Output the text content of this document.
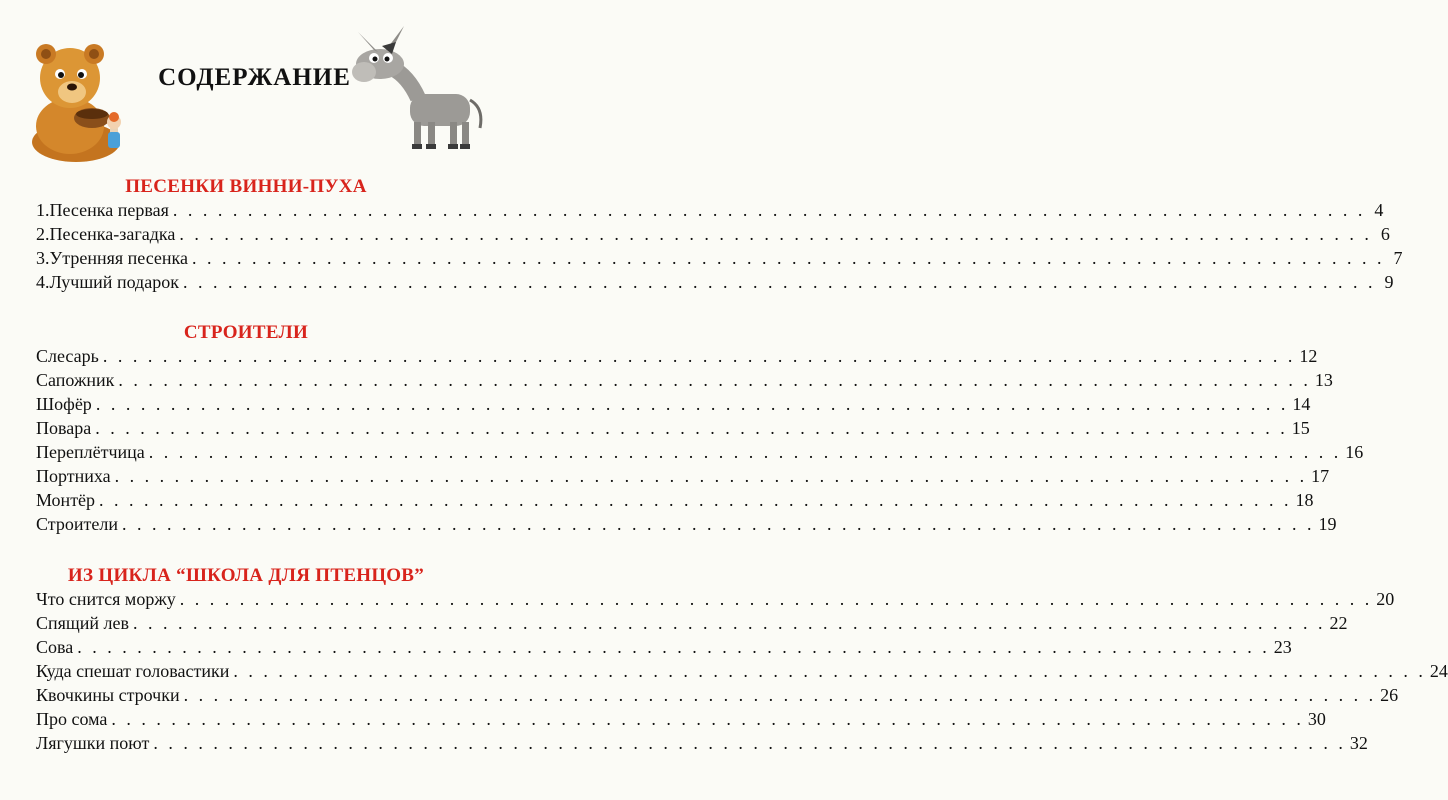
СОДЕРЖАНИЕ
ПЕСЕНКИ ВИННИ-ПУХА
1.Песенка первая . . . . . . . . . . . . . . . . . . . . . . . . . . . . . . . . . . . . . . . . . . . . . . . . . . . . . . . . . . . . . . . . . . . . . . . . . . . . . . . . 4
2.Песенка-загадка . . . . . . . . . . . . . . . . . . . . . . . . . . . . . . . . . . . . . . . . . . . . . . . . . . . . . . . . . . . . . . . . . . . . . . . . . . . . . . . . 6
3.Утренняя песенка . . . . . . . . . . . . . . . . . . . . . . . . . . . . . . . . . . . . . . . . . . . . . . . . . . . . . . . . . . . . . . . . . . . . . . . . . . . . . . . . 7
4.Лучший подарок . . . . . . . . . . . . . . . . . . . . . . . . . . . . . . . . . . . . . . . . . . . . . . . . . . . . . . . . . . . . . . . . . . . . . . . . . . . . . . . . 9
СТРОИТЕЛИ
Слесарь . . . . . . . . . . . . . . . . . . . . . . . . . . . . . . . . . . . . . . . . . . . . . . . . . . . . . . . . . . . . . . . . . . . . . . . . . . . . . . . . 12
Сапожник . . . . . . . . . . . . . . . . . . . . . . . . . . . . . . . . . . . . . . . . . . . . . . . . . . . . . . . . . . . . . . . . . . . . . . . . . . . . . . . . 13
Шофёр . . . . . . . . . . . . . . . . . . . . . . . . . . . . . . . . . . . . . . . . . . . . . . . . . . . . . . . . . . . . . . . . . . . . . . . . . . . . . . . . 14
Повара . . . . . . . . . . . . . . . . . . . . . . . . . . . . . . . . . . . . . . . . . . . . . . . . . . . . . . . . . . . . . . . . . . . . . . . . . . . . . . . . 15
Переплётчица . . . . . . . . . . . . . . . . . . . . . . . . . . . . . . . . . . . . . . . . . . . . . . . . . . . . . . . . . . . . . . . . . . . . . . . . . . . . . . . . 16
Портниха . . . . . . . . . . . . . . . . . . . . . . . . . . . . . . . . . . . . . . . . . . . . . . . . . . . . . . . . . . . . . . . . . . . . . . . . . . . . . . . . 17
Монтёр . . . . . . . . . . . . . . . . . . . . . . . . . . . . . . . . . . . . . . . . . . . . . . . . . . . . . . . . . . . . . . . . . . . . . . . . . . . . . . . . 18
Строители . . . . . . . . . . . . . . . . . . . . . . . . . . . . . . . . . . . . . . . . . . . . . . . . . . . . . . . . . . . . . . . . . . . . . . . . . . . . . . . . 19
ИЗ ЦИКЛА “ШКОЛА ДЛЯ ПТЕНЦОВ”
Что снится моржу . . . . . . . . . . . . . . . . . . . . . . . . . . . . . . . . . . . . . . . . . . . . . . . . . . . . . . . . . . . . . . . . . . . . . . . . . . . . . . . . 20
Спящий лев . . . . . . . . . . . . . . . . . . . . . . . . . . . . . . . . . . . . . . . . . . . . . . . . . . . . . . . . . . . . . . . . . . . . . . . . . . . . . . . . 22
Сова . . . . . . . . . . . . . . . . . . . . . . . . . . . . . . . . . . . . . . . . . . . . . . . . . . . . . . . . . . . . . . . . . . . . . . . . . . . . . . . . 23
Куда спешат головастики . . . . . . . . . . . . . . . . . . . . . . . . . . . . . . . . . . . . . . . . . . . . . . . . . . . . . . . . . . . . . . . . . . . . . . . . . . . . . . . . 24
Квочкины строчки . . . . . . . . . . . . . . . . . . . . . . . . . . . . . . . . . . . . . . . . . . . . . . . . . . . . . . . . . . . . . . . . . . . . . . . . . . . . . . . . 26
Про сома . . . . . . . . . . . . . . . . . . . . . . . . . . . . . . . . . . . . . . . . . . . . . . . . . . . . . . . . . . . . . . . . . . . . . . . . . . . . . . . . 30
Лягушки поют . . . . . . . . . . . . . . . . . . . . . . . . . . . . . . . . . . . . . . . . . . . . . . . . . . . . . . . . . . . . . . . . . . . . . . . . . . . . . . . . 32
